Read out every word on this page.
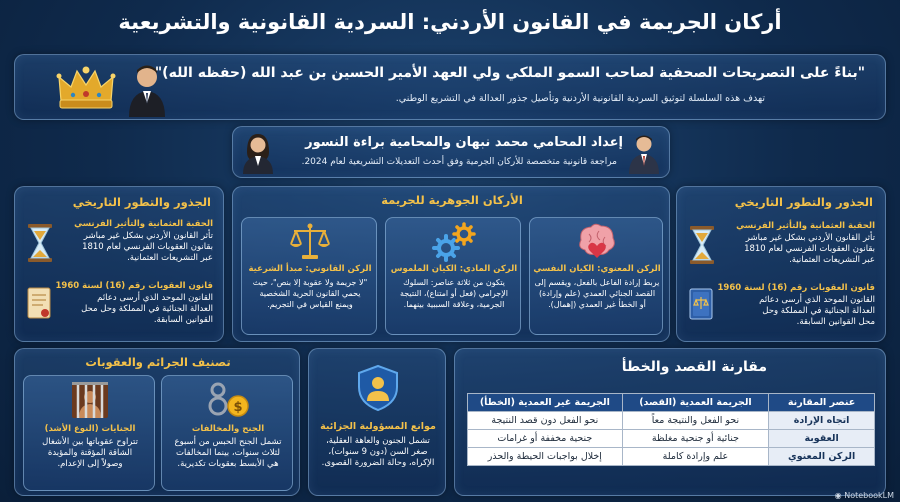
أركان الجريمة في القانون الأردني: السردية القانونية والتشريعية
"بناءً على التصريحات الصحفية لصاحب السمو الملكي ولي العهد الأمير الحسين بن عبد الله (حفظه الله)"
تهدف هذه السلسلة لتوثيق السردية القانونية الأردنية وتأصيل جذور العدالة في التشريع الوطني.
إعداد المحامي محمد نبهان والمحامية براءة النسور
مراجعة قانونية متخصصة للأركان الجرمية وفق أحدث التعديلات التشريعية لعام 2024.
الجذور والتطور التاريخي
الحقبة العثمانية والتأثير الفرنسي
تأثر القانون الأردني بشكل غير مباشر
بقانون العقوبات الفرنسي لعام 1810
عبر التشريعات العثمانية.
قانون العقوبات رقم (16) لسنة 1960
القانون الموحد الذي أرسى دعائم
العدالة الجنائية في المملكة وحل محل
القوانين السابقة.
الجذور والتطور التاريخي
الحقبة العثمانية والتأثير الفرنسي
تأثر القانون الأردني بشكل غير مباشر
بقانون العقوبات الفرنسي لعام 1810
عبر التشريعات العثمانية.
قانون العقوبات رقم (16) لسنة 1960
القانون الموحد الذي أرسى دعائم
العدالة الجنائية في المملكة وحل
محل القوانين السابقة.
الأركان الجوهرية للجريمة
الركن المعنوي: الكيان النفسي
يربط إرادة الفاعل بالفعل، ويقسم إلى
القصد الجنائي العمدي (علم وإرادة)
أو الخطأ غير العمدي (إهمال).
الركن المادي: الكيان الملموس
يتكون من ثلاثة عناصر: السلوك
الإجرامي (فعل أو امتناع)، النتيجة
الجرمية، وعلاقة السببية بينهما.
الركن القانوني: مبدأ الشرعية
"لا جريمة ولا عقوبة إلا بنص"، حيث
يحمي القانون الحرية الشخصية
ويمنع القياس في التجريم.
تصنيف الجرائم والعقوبات
الجنايات (النوع الأشد)
تتراوح عقوباتها بين الأشغال
الشاقة المؤقتة والمؤبدة
وصولاً إلى الإعدام.
$
الجنح والمخالفات
تشمل الجنح الحبس من أسبوع
لثلاث سنوات، بينما المخالفات
هي الأبسط بعقوبات تكديرية.
موانع المسؤولية الجزائية
تشمل الجنون والعاهة العقلية،
صغر السن (دون 9 سنوات)،
الإكراه، وحالة الضرورة القصوى.
مقارنة القصد والخطأ
عنصر المقارنة	الجريمة العمدية (القصد)	الجريمة غير العمدية (الخطأ)
اتجاه الإرادة	نحو الفعل والنتيجة معاً	نحو الفعل دون قصد النتيجة
العقوبة	جنائية أو جنحية مغلظة	جنحية مخففة أو غرامات
الركن المعنوي	علم وإرادة كاملة	إخلال بواجبات الحيطة والحذر
◉ NotebookLM
